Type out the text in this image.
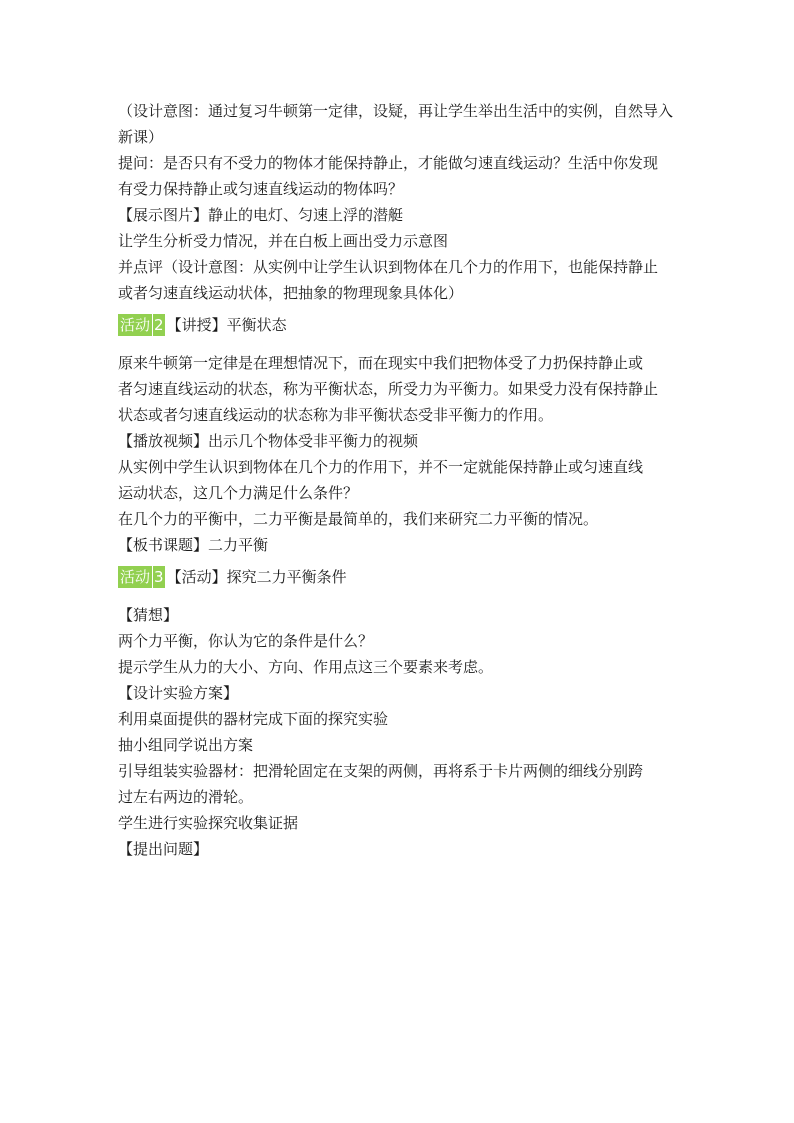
（设计意图：通过复习牛顿第一定律，设疑，再让学生举出生活中的实例，自然导入
新课）
提问：是否只有不受力的物体才能保持静止，才能做匀速直线运动？生活中你发现
有受力保持静止或匀速直线运动的物体吗？
【展示图片】静止的电灯、匀速上浮的潜艇
让学生分析受力情况，并在白板上画出受力示意图
并点评（设计意图：从实例中让学生认识到物体在几个力的作用下，也能保持静止
或者匀速直线运动状体，把抽象的物理现象具体化）
活动 2 【讲授】平衡状态
原来牛顿第一定律是在理想情况下，而在现实中我们把物体受了力扔保持静止或
者匀速直线运动的状态，称为平衡状态，所受力为平衡力。如果受力没有保持静止
状态或者匀速直线运动的状态称为非平衡状态受非平衡力的作用。
【播放视频】出示几个物体受非平衡力的视频
从实例中学生认识到物体在几个力的作用下，并不一定就能保持静止或匀速直线
运动状态，这几个力满足什么条件？
在几个力的平衡中，二力平衡是最简单的，我们来研究二力平衡的情况。
【板书课题】二力平衡
活动 3 【活动】探究二力平衡条件
【猜想】
两个力平衡，你认为它的条件是什么？
提示学生从力的大小、方向、作用点这三个要素来考虑。
【设计实验方案】
利用桌面提供的器材完成下面的探究实验
抽小组同学说出方案
引导组装实验器材：把滑轮固定在支架的两侧，再将系于卡片两侧的细线分别跨
过左右两边的滑轮。
学生进行实验探究收集证据
【提出问题】
